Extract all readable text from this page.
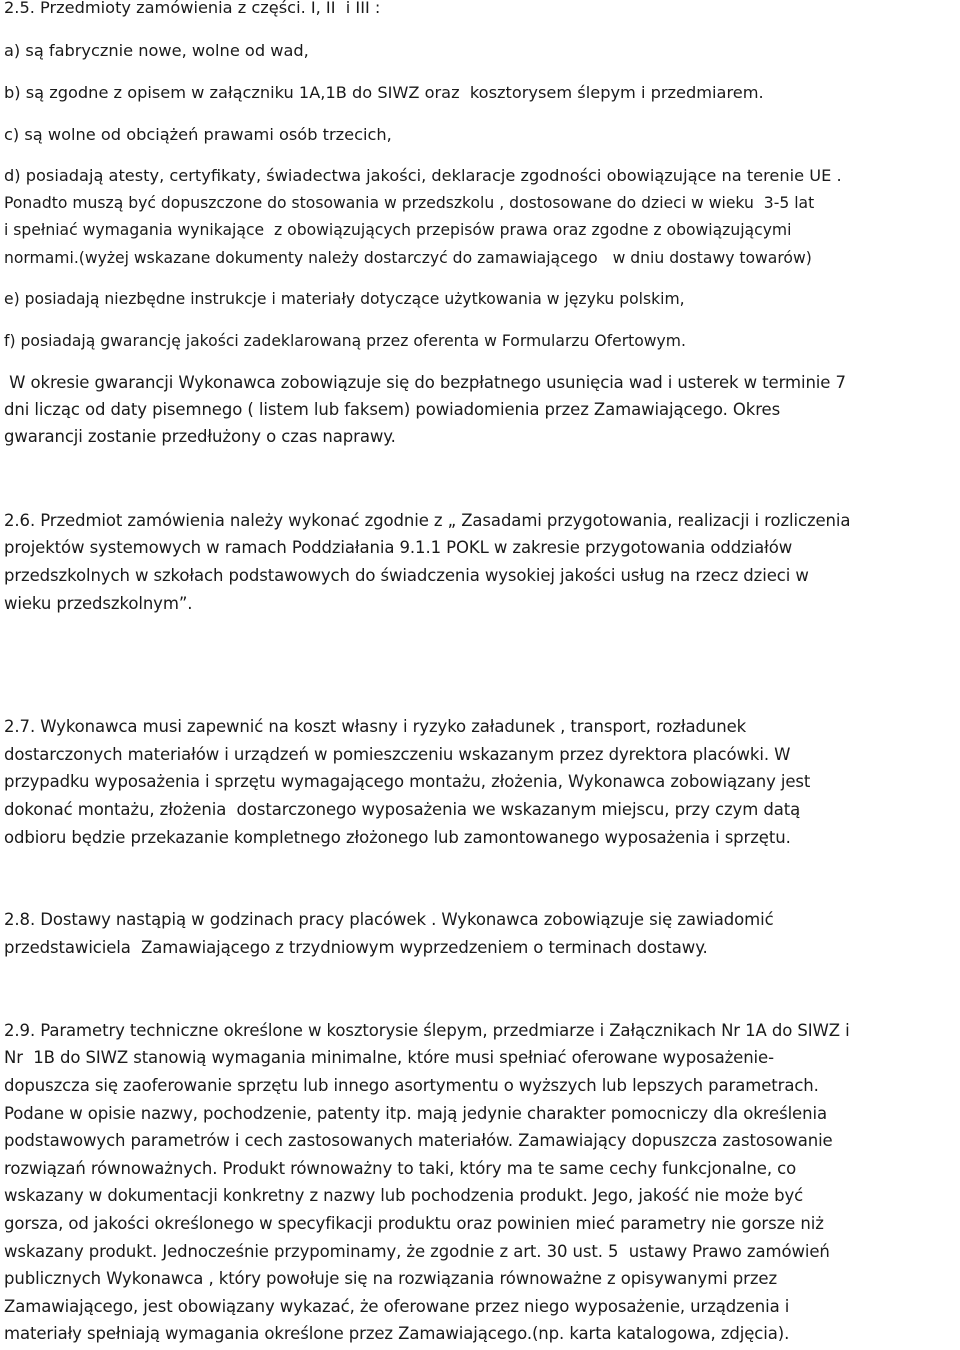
2.5. Przedmioty zamówienia z części. I, II  i III :

a) są fabrycznie nowe, wolne od wad,

b) są zgodne z opisem w załączniku 1A,1B do SIWZ oraz  kosztorysem ślepym i przedmiarem.

c) są wolne od obciążeń prawami osób trzecich,

d) posiadają atesty, certyfikaty, świadectwa jakości, deklaracje zgodności obowiązujące na terenie UE .

Ponadto muszą być dopuszczone do stosowania w przedszkolu , dostosowane do dzieci w wieku  3-5 lat

i spełniać wymagania wynikające  z obowiązujących przepisów prawa oraz zgodne z obowiązującymi

normami.(wyżej wskazane dokumenty należy dostarczyć do zamawiającego   w dniu dostawy towarów)

e) posiadają niezbędne instrukcje i materiały dotyczące użytkowania w języku polskim,

f) posiadają gwarancję jakości zadeklarowaną przez oferenta w Formularzu Ofertowym.

W okresie gwarancji Wykonawca zobowiązuje się do bezpłatnego usunięcia wad i usterek w terminie 7

dni licząc od daty pisemnego ( listem lub faksem) powiadomienia przez Zamawiającego. Okres

gwarancji zostanie przedłużony o czas naprawy.

2.6. Przedmiot zamówienia należy wykonać zgodnie z „ Zasadami przygotowania, realizacji i rozliczenia

projektów systemowych w ramach Poddziałania 9.1.1 POKL w zakresie przygotowania oddziałów

przedszkolnych w szkołach podstawowych do świadczenia wysokiej jakości usług na rzecz dzieci w

wieku przedszkolnym”.

2.7. Wykonawca musi zapewnić na koszt własny i ryzyko załadunek , transport, rozładunek

dostarczonych materiałów i urządzeń w pomieszczeniu wskazanym przez dyrektora placówki. W

przypadku wyposażenia i sprzętu wymagającego montażu, złożenia, Wykonawca zobowiązany jest

dokonać montażu, złożenia  dostarczonego wyposażenia we wskazanym miejscu, przy czym datą

odbioru będzie przekazanie kompletnego złożonego lub zamontowanego wyposażenia i sprzętu.

2.8. Dostawy nastąpią w godzinach pracy placówek . Wykonawca zobowiązuje się zawiadomić

przedstawiciela  Zamawiającego z trzydniowym wyprzedzeniem o terminach dostawy.

2.9. Parametry techniczne określone w kosztorysie ślepym, przedmiarze i Załącznikach Nr 1A do SIWZ i

Nr  1B do SIWZ stanowią wymagania minimalne, które musi spełniać oferowane wyposażenie-

dopuszcza się zaoferowanie sprzętu lub innego asortymentu o wyższych lub lepszych parametrach.

Podane w opisie nazwy, pochodzenie, patenty itp. mają jedynie charakter pomocniczy dla określenia

podstawowych parametrów i cech zastosowanych materiałów. Zamawiający dopuszcza zastosowanie

rozwiązań równoważnych. Produkt równoważny to taki, który ma te same cechy funkcjonalne, co

wskazany w dokumentacji konkretny z nazwy lub pochodzenia produkt. Jego, jakość nie może być

gorsza, od jakości określonego w specyfikacji produktu oraz powinien mieć parametry nie gorsze niż

wskazany produkt. Jednocześnie przypominamy, że zgodnie z art. 30 ust. 5  ustawy Prawo zamówień

publicznych Wykonawca , który powołuje się na rozwiązania równoważne z opisywanymi przez

Zamawiającego, jest obowiązany wykazać, że oferowane przez niego wyposażenie, urządzenia i

materiały spełniają wymagania określone przez Zamawiającego.(np. karta katalogowa, zdjęcia).
